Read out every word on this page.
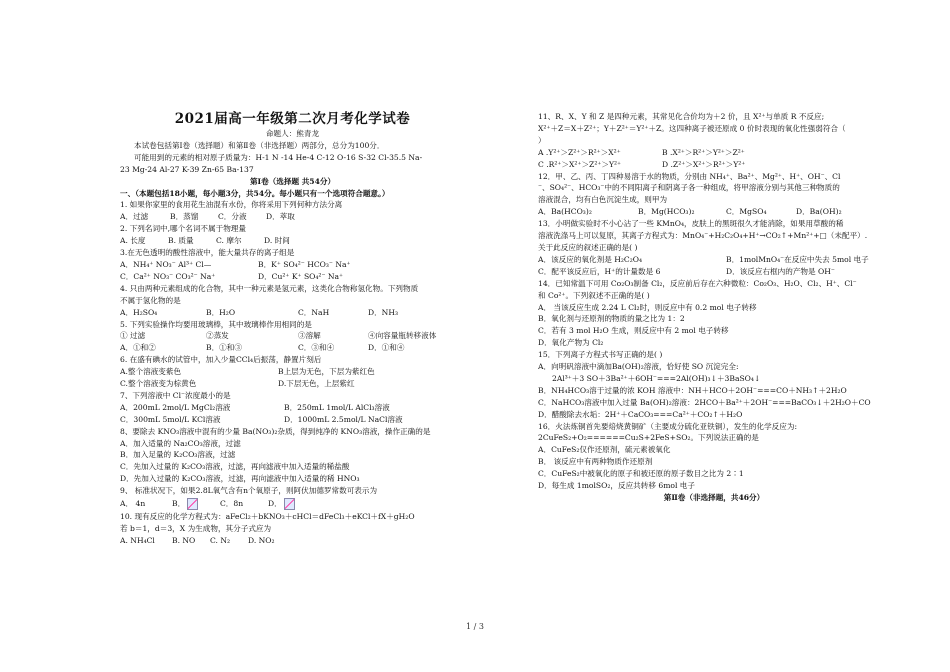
2021届高一年级第二次月考化学试卷
命题人：熊青龙
本试卷包括第Ⅰ卷（选择题）和第Ⅱ卷（非选择题）两部分，总分为100分．
可能用到的元素的相对原子质量为：H-1 N -14 He-4 C-12 O-16 S-32 Cl-35.5 Na-
23 Mg-24 Al-27 K-39 Zn-65 Ba-137
第Ⅰ卷（选择题 共54分）
一、（本题包括18小题，每小题3分，共54分。每小题只有一个选项符合题意。）
1. 如果你家里的食用花生油混有水份，你将采用下列何种方法分离
A．过滤	B．蒸馏	C．分液	D．萃取
2. 下列名词中,哪个名词不属于物理量
A. 长度	B. 质量	C. 摩尔	D. 时间
3.在无色透明的酸性溶液中，能大量共存的离子组是
A．NH₄⁺ NO₃⁻ Al³⁺ Cl—	B．K⁺ SO₄²⁻ HCO₃⁻ Na⁺
C．Ca²⁺ NO₃⁻ CO₃²⁻ Na⁺	D．Cu²⁺ K⁺ SO₄²⁻ Na⁺
4. 只由两种元素组成的化合物，其中一种元素是氢元素，这类化合物称氢化物。下列物质
不属于氢化物的是
A．H₂SO₄	B．H₂O	C．NaH	D．NH₃
5. 下列实验操作均要用玻璃棒，其中玻璃棒作用相同的是
① 过滤	②蒸发	③溶解	④向容量瓶转移液体
A．①和②	B．①和③	C．③和④	D．①和④
6. 在盛有碘水的试管中，加入少量CCl₄后振荡，静置片刻后
A.整个溶液变紫色	B上层为无色，下层为紫红色
C.整个溶液变为棕黄色	D.下层无色，上层紫红
7、下列溶液中 Cl⁻浓度最小的是
A．200mL 2mol/L MgCl₂溶液	B．250mL 1mol/L AlCl₃溶液
C．300mL 5mol/L KCl溶液	D．1000mL 2.5mol/L NaCl溶液
8、要除去 KNO₃溶液中混有的少量 Ba(NO₃)₂杂质，得到纯净的 KNO₃溶液，操作正确的是
A．加入适量的 Na₂CO₃溶液，过滤
B．加入足量的 K₂CO₃溶液，过滤
C．先加入过量的 K₂CO₃溶液，过滤，再向滤液中加入适量的稀盐酸
D．先加入过量的 K₂CO₃溶液，过滤，再向滤液中加入适量的稀 HNO₃
9、 标准状况下，如果2.8L氧气含有n个氧原子，则阿伏加德罗常数可表示为
A． 4n	B．	C．8n	D．
10. 现有反应的化学方程式为：aFeCl₂＋bKNO₃＋cHCl＝dFeCl₃＋eKCl＋fX＋gH₂O
若 b＝1，d＝3，X 为生成物，其分子式应为
A. NH₄Cl	B. NO	C. N₂	D. NO₂
11、R、X、Y 和 Z 是四种元素，其常见化合价均为＋2 价，且 X²⁺与单质 R 不反应;
X²⁺＋Z＝X＋Z²⁺；Y＋Z²⁺＝Y²⁺＋Z。这四种离子被还原成 0 价时表现的氧化性强弱符合（
）
A .Y²⁺＞Z²⁺＞R²⁺＞X²⁺	B .X²⁺＞R²⁺＞Y²⁺＞Z²⁺
C .R²⁺＞X²⁺＞Z²⁺＞Y²⁺	D .Z²⁺＞X²⁺＞R²⁺＞Y²⁺
12．甲、乙、丙、丁四种易溶于水的物质，分别由 NH₄⁺、Ba²⁺、Mg²⁺、H⁺、OH⁻、Cl
⁻、SO₄²⁻、HCO₃⁻中的不同阳离子和阴离子各一种组成，将甲溶液分别与其他三种物质的
溶液混合，均有白色沉淀生成，则甲为
A．Ba(HCO₃)₂	B．Mg(HCO₃)₂	C．MgSO₄	D．Ba(OH)₂
13．小明做实验时不小心沾了一些 KMnO₄，皮肤上的黑斑很久才能消除，如果用草酸的稀
溶液洗涤马上可以复原，其离子方程式为：MnO₄⁻+H₂C₂O₄+H⁺→CO₂↑+Mn²⁺+□（未配平）.
关于此反应的叙述正确的是( )
A．该反应的氧化剂是 H₂C₂O₄	B．1molMnO₄⁻在反应中失去 5mol 电子
C．配平该反应后，H⁺的计量数是 6	D．该反应右框内的产物是 OH⁻
14．已知常温下可用 Co₂O₃制备 Cl₂，反应前后存在六种微粒：Co₂O₃、H₂O、Cl₂、H⁺、Cl⁻
和 Co²⁺。下列叙述不正确的是( )
A． 当该反应生成 2.24 L Cl₂时，则反应中有 0.2 mol 电子转移
B．氧化剂与还原剂的物质的量之比为 1：2
C．若有 3 mol H₂O 生成，则反应中有 2 mol 电子转移
D．氧化产物为 Cl₂
15．下列离子方程式书写正确的是( )
A．向明矾溶液中滴加Ba(OH)₂溶液，恰好使 SO 沉淀完全:
2Al³⁺＋3 SO＋3Ba²⁺＋6OH⁻===2Al(OH)₃↓＋3BaSO₄↓
B．NH₄HCO₃溶于过量的浓 KOH 溶液中：NH＋HCO＋2OH⁻===CO＋NH₃↑＋2H₂O
C．NaHCO₃溶液中加入过量 Ba(OH)₂溶液：2HCO＋Ba²⁺＋2OH⁻===BaCO₃↓＋2H₂O＋CO
D．醋酸除去水垢：2H⁺＋CaCO₃===Ca²⁺＋CO₂↑＋H₂O
16．火法炼铜首先要焙烧黄铜矿（主要成分硫化亚铁铜），发生的化学反应为:
2CuFeS₂+O₂======Cu₂S+2FeS+SO₂。下列说法正确的是
A．CuFeS₂仅作还原剂，硫元素被氧化
B． 该反应中有两种物质作还原剂
C．CuFeS₂中被氧化的原子和被还原的原子数目之比为 2∶1
D．每生成 1molSO₂，反应共转移 6mol 电子
第Ⅱ卷（非选择题，共46分）
1 / 3
